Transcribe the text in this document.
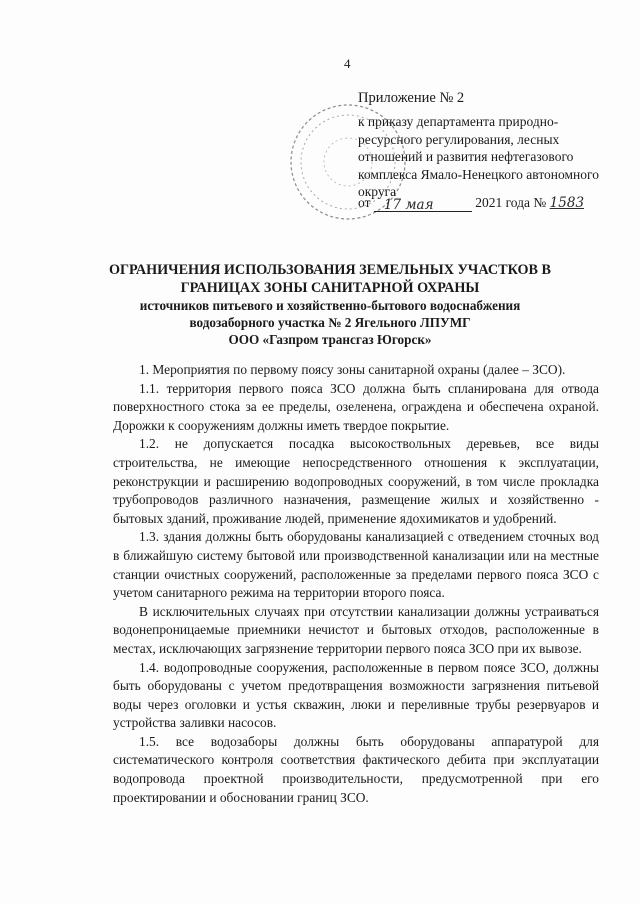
4
Приложение № 2
к приказу департамента природно-ресурсного регулирования, лесных отношений и развития нефтегазового комплекса Ямало-Ненецкого автономного округа
от 17 мая	2021 года № 1583
ОГРАНИЧЕНИЯ ИСПОЛЬЗОВАНИЯ ЗЕМЕЛЬНЫХ УЧАСТКОВ В
ГРАНИЦАХ ЗОНЫ САНИТАРНОЙ ОХРАНЫ
источников питьевого и хозяйственно-бытового водоснабжения
водозаборного участка № 2 Ягельного ЛПУМГ
ООО «Газпром трансгаз Югорск»

1. Мероприятия по первому поясу зоны санитарной охраны (далее – ЗСО).

1.1. территория первого пояса ЗСО должна быть спланирована для отвода поверхностного стока за ее пределы, озеленена, ограждена и обеспечена охраной. Дорожки к сооружениям должны иметь твердое покрытие.

1.2. не допускается посадка высокоствольных деревьев, все виды строительства, не имеющие непосредственного отношения к эксплуатации, реконструкции и расширению водопроводных сооружений, в том числе прокладка трубопроводов различного назначения, размещение жилых и хозяйственно - бытовых зданий, проживание людей, применение ядохимикатов и удобрений.

1.3. здания должны быть оборудованы канализацией с отведением сточных вод в ближайшую систему бытовой или производственной канализации или на местные станции очистных сооружений, расположенные за пределами первого пояса ЗСО с учетом санитарного режима на территории второго пояса.

В исключительных случаях при отсутствии канализации должны устраиваться водонепроницаемые приемники нечистот и бытовых отходов, расположенные в местах, исключающих загрязнение территории первого пояса ЗСО при их вывозе.

1.4. водопроводные сооружения, расположенные в первом поясе ЗСО, должны быть оборудованы с учетом предотвращения возможности загрязнения питьевой воды через оголовки и устья скважин, люки и переливные трубы резервуаров и устройства заливки насосов.

1.5. все водозаборы должны быть оборудованы аппаратурой для систематического контроля соответствия фактического дебита при эксплуатации водопровода проектной производительности, предусмотренной при его проектировании и обосновании границ ЗСО.
